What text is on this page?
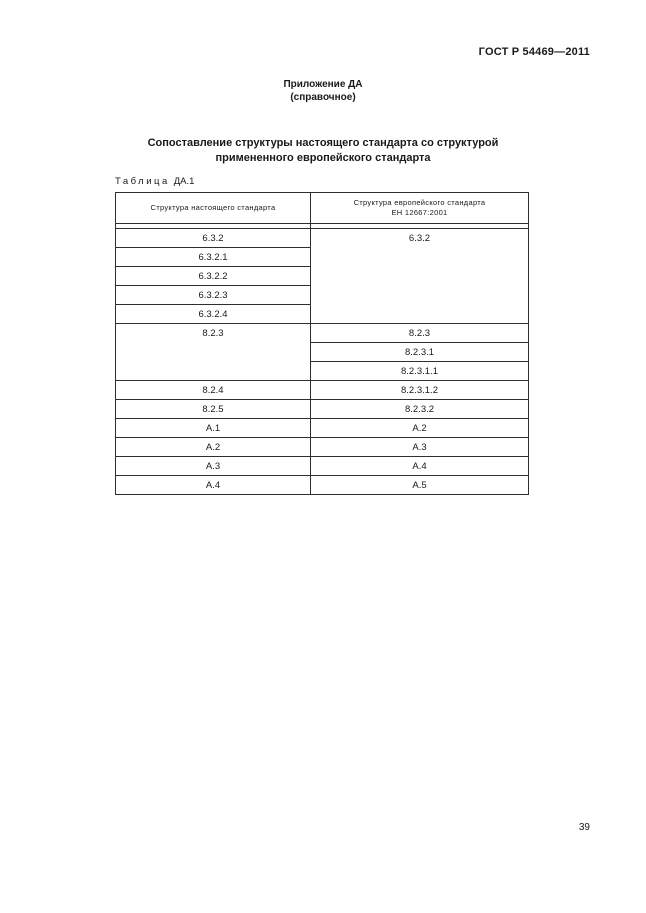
ГОСТ Р 54469—2011
Приложение ДА
(справочное)
Сопоставление структуры настоящего стандарта со структурой
примененного европейского стандарта
Таблица ДА.1
Структура настоящего стандарта	Структура европейского стандарта
ЕН 12667:2001

6.3.2	6.3.2
6.3.2.1	
6.3.2.2	
6.3.2.3	
6.3.2.4	
8.2.3	8.2.3
	8.2.3.1
	8.2.3.1.1
8.2.4	8.2.3.1.2
8.2.5	8.2.3.2
А.1	А.2
А.2	А.3
А.3	А.4
А.4	А.5
39
